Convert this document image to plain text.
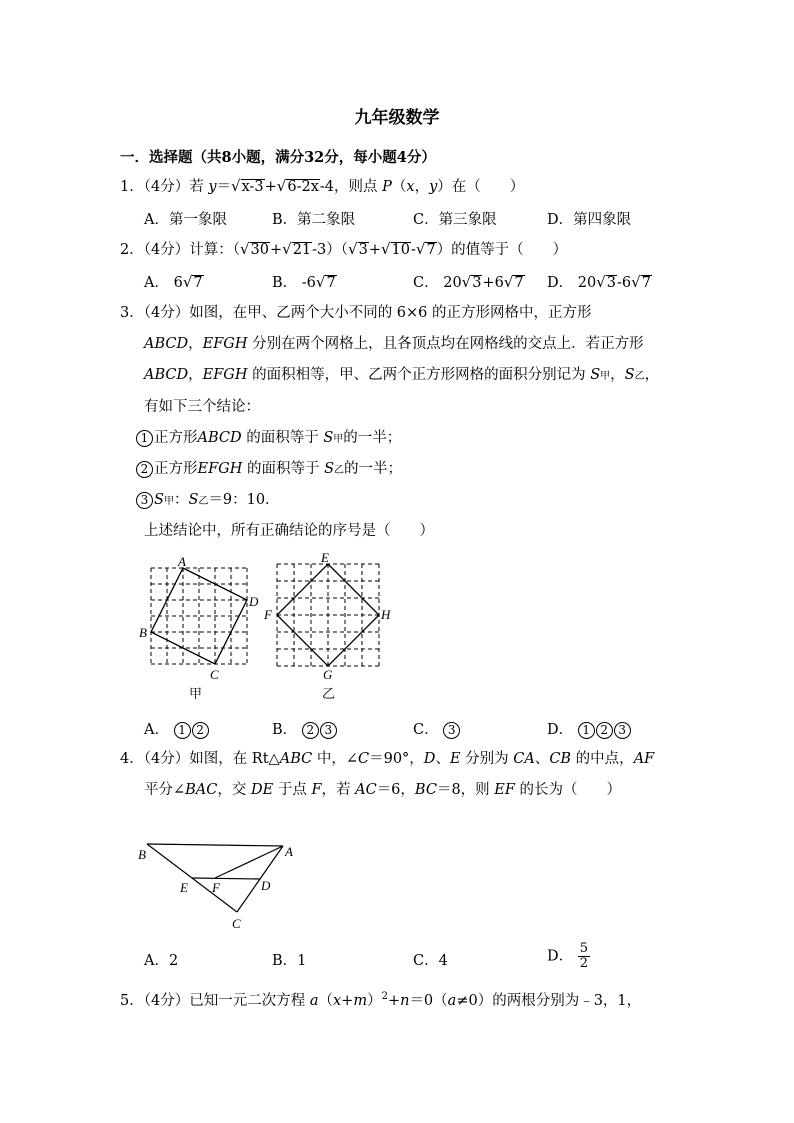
九年级数学
一．选择题（共8小题，满分32分，每小题4分）
1．（4分）若 y＝√x-3+√6-2x-4，则点 P（x，y）在（　　）
A．第一象限	B．第二象限	C．第三象限	D．第四象限
2．（4分）计算：（√30+√21-3）（√3+√10-√7）的值等于（　　）
A． 6√7	B． -6√7	C． 20√3+6√7 D． 20√3-6√7
3．（4分）如图，在甲、乙两个大小不同的 6×6 的正方形网格中，正方形
ABCD，EFGH 分别在两个网格上，且各顶点均在网格线的交点上．若正方形
ABCD，EFGH 的面积相等，甲、乙两个正方形网格的面积分别记为 S甲，S乙，
有如下三个结论：
1 正方形ABCD 的面积等于 S甲的一半；
2 正方形EFGH 的面积等于 S乙的一半；
3 S甲：S乙＝9：10．
上述结论中，所有正确结论的序号是（　　）
A
D
C
B
甲
E
H
G
F
乙
A． 1 2	B． 2 3	C． 3	D． 1 2 3
4．（4分）如图，在 Rt△ABC 中，∠C＝90°，D、E 分别为 CA、CB 的中点，AF
平分∠BAC，交 DE 于点 F，若 AC＝6，BC＝8，则 EF 的长为（　　）
B	A
E F	D
C
A．2	B．1	C．4	D． $\frac{5}{2}$
5．（4分）已知一元二次方程 $a(x+m)^2+n=0(a\ne 0)$的两根分别为﹣3，1，
